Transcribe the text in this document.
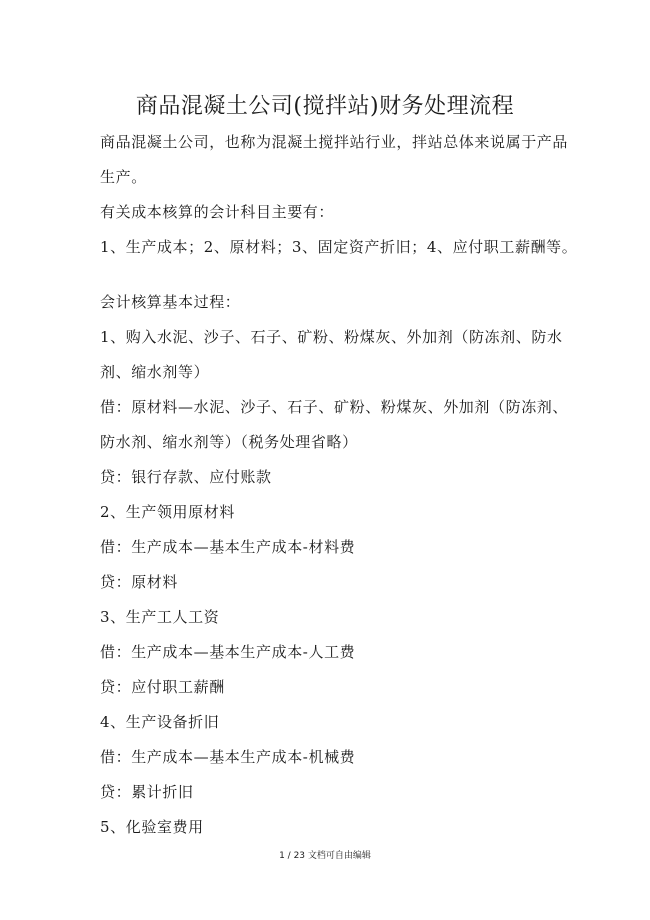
商品混凝土公司(搅拌站)财务处理流程
商品混凝土公司，也称为混凝土搅拌站行业，拌站总体来说属于产品
生产。
有关成本核算的会计科目主要有：
1、生产成本；2、原材料；3、固定资产折旧；4、应付职工薪酬等。
会计核算基本过程：
1、购入水泥、沙子、石子、矿粉、粉煤灰、外加剂（防冻剂、防水
剂、缩水剂等）
借：原材料—水泥、沙子、石子、矿粉、粉煤灰、外加剂（防冻剂、
防水剂、缩水剂等）（税务处理省略）
贷：银行存款、应付账款
2、生产领用原材料
借：生产成本—基本生产成本-材料费
贷：原材料
3、生产工人工资
借：生产成本—基本生产成本-人工费
贷：应付职工薪酬
4、生产设备折旧
借：生产成本—基本生产成本-机械费
贷：累计折旧
5、化验室费用
1 / 23 文档可自由编辑
